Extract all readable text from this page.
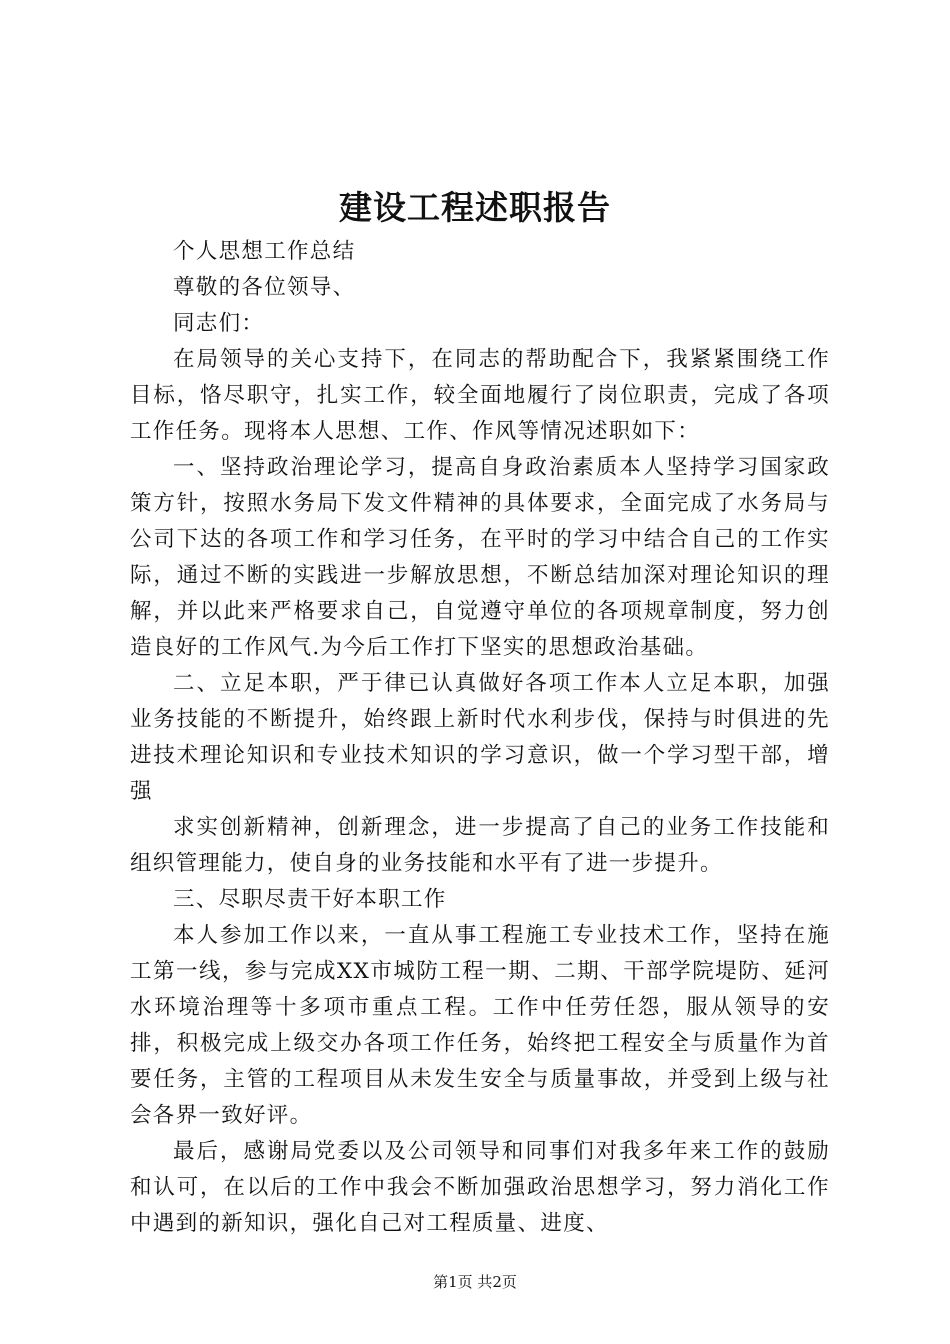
建设工程述职报告

个人思想工作总结

尊敬的各位领导、

同志们：

在局领导的关心支持下，在同志的帮助配合下，我紧紧围绕工作目标，恪尽职守，扎实工作，较全面地履行了岗位职责，完成了各项工作任务。现将本人思想、工作、作风等情况述职如下：

一、坚持政治理论学习，提高自身政治素质本人坚持学习国家政策方针，按照水务局下发文件精神的具体要求，全面完成了水务局与公司下达的各项工作和学习任务，在平时的学习中结合自己的工作实际，通过不断的实践进一步解放思想，不断总结加深对理论知识的理解，并以此来严格要求自己，自觉遵守单位的各项规章制度，努力创造良好的工作风气.为今后工作打下坚实的思想政治基础。

二、立足本职，严于律已认真做好各项工作本人立足本职，加强业务技能的不断提升，始终跟上新时代水利步伐，保持与时俱进的先进技术理论知识和专业技术知识的学习意识，做一个学习型干部，增强

求实创新精神，创新理念，进一步提高了自己的业务工作技能和组织管理能力，使自身的业务技能和水平有了进一步提升。

三、尽职尽责干好本职工作

本人参加工作以来，一直从事工程施工专业技术工作，坚持在施工第一线，参与完成XX市城防工程一期、二期、干部学院堤防、延河水环境治理等十多项市重点工程。工作中任劳任怨，服从领导的安排，积极完成上级交办各项工作任务，始终把工程安全与质量作为首要任务，主管的工程项目从未发生安全与质量事故，并受到上级与社会各界一致好评。

最后，感谢局党委以及公司领导和同事们对我多年来工作的鼓励和认可，在以后的工作中我会不断加强政治思想学习，努力消化工作中遇到的新知识，强化自己对工程质量、进度、

第1页 共2页
